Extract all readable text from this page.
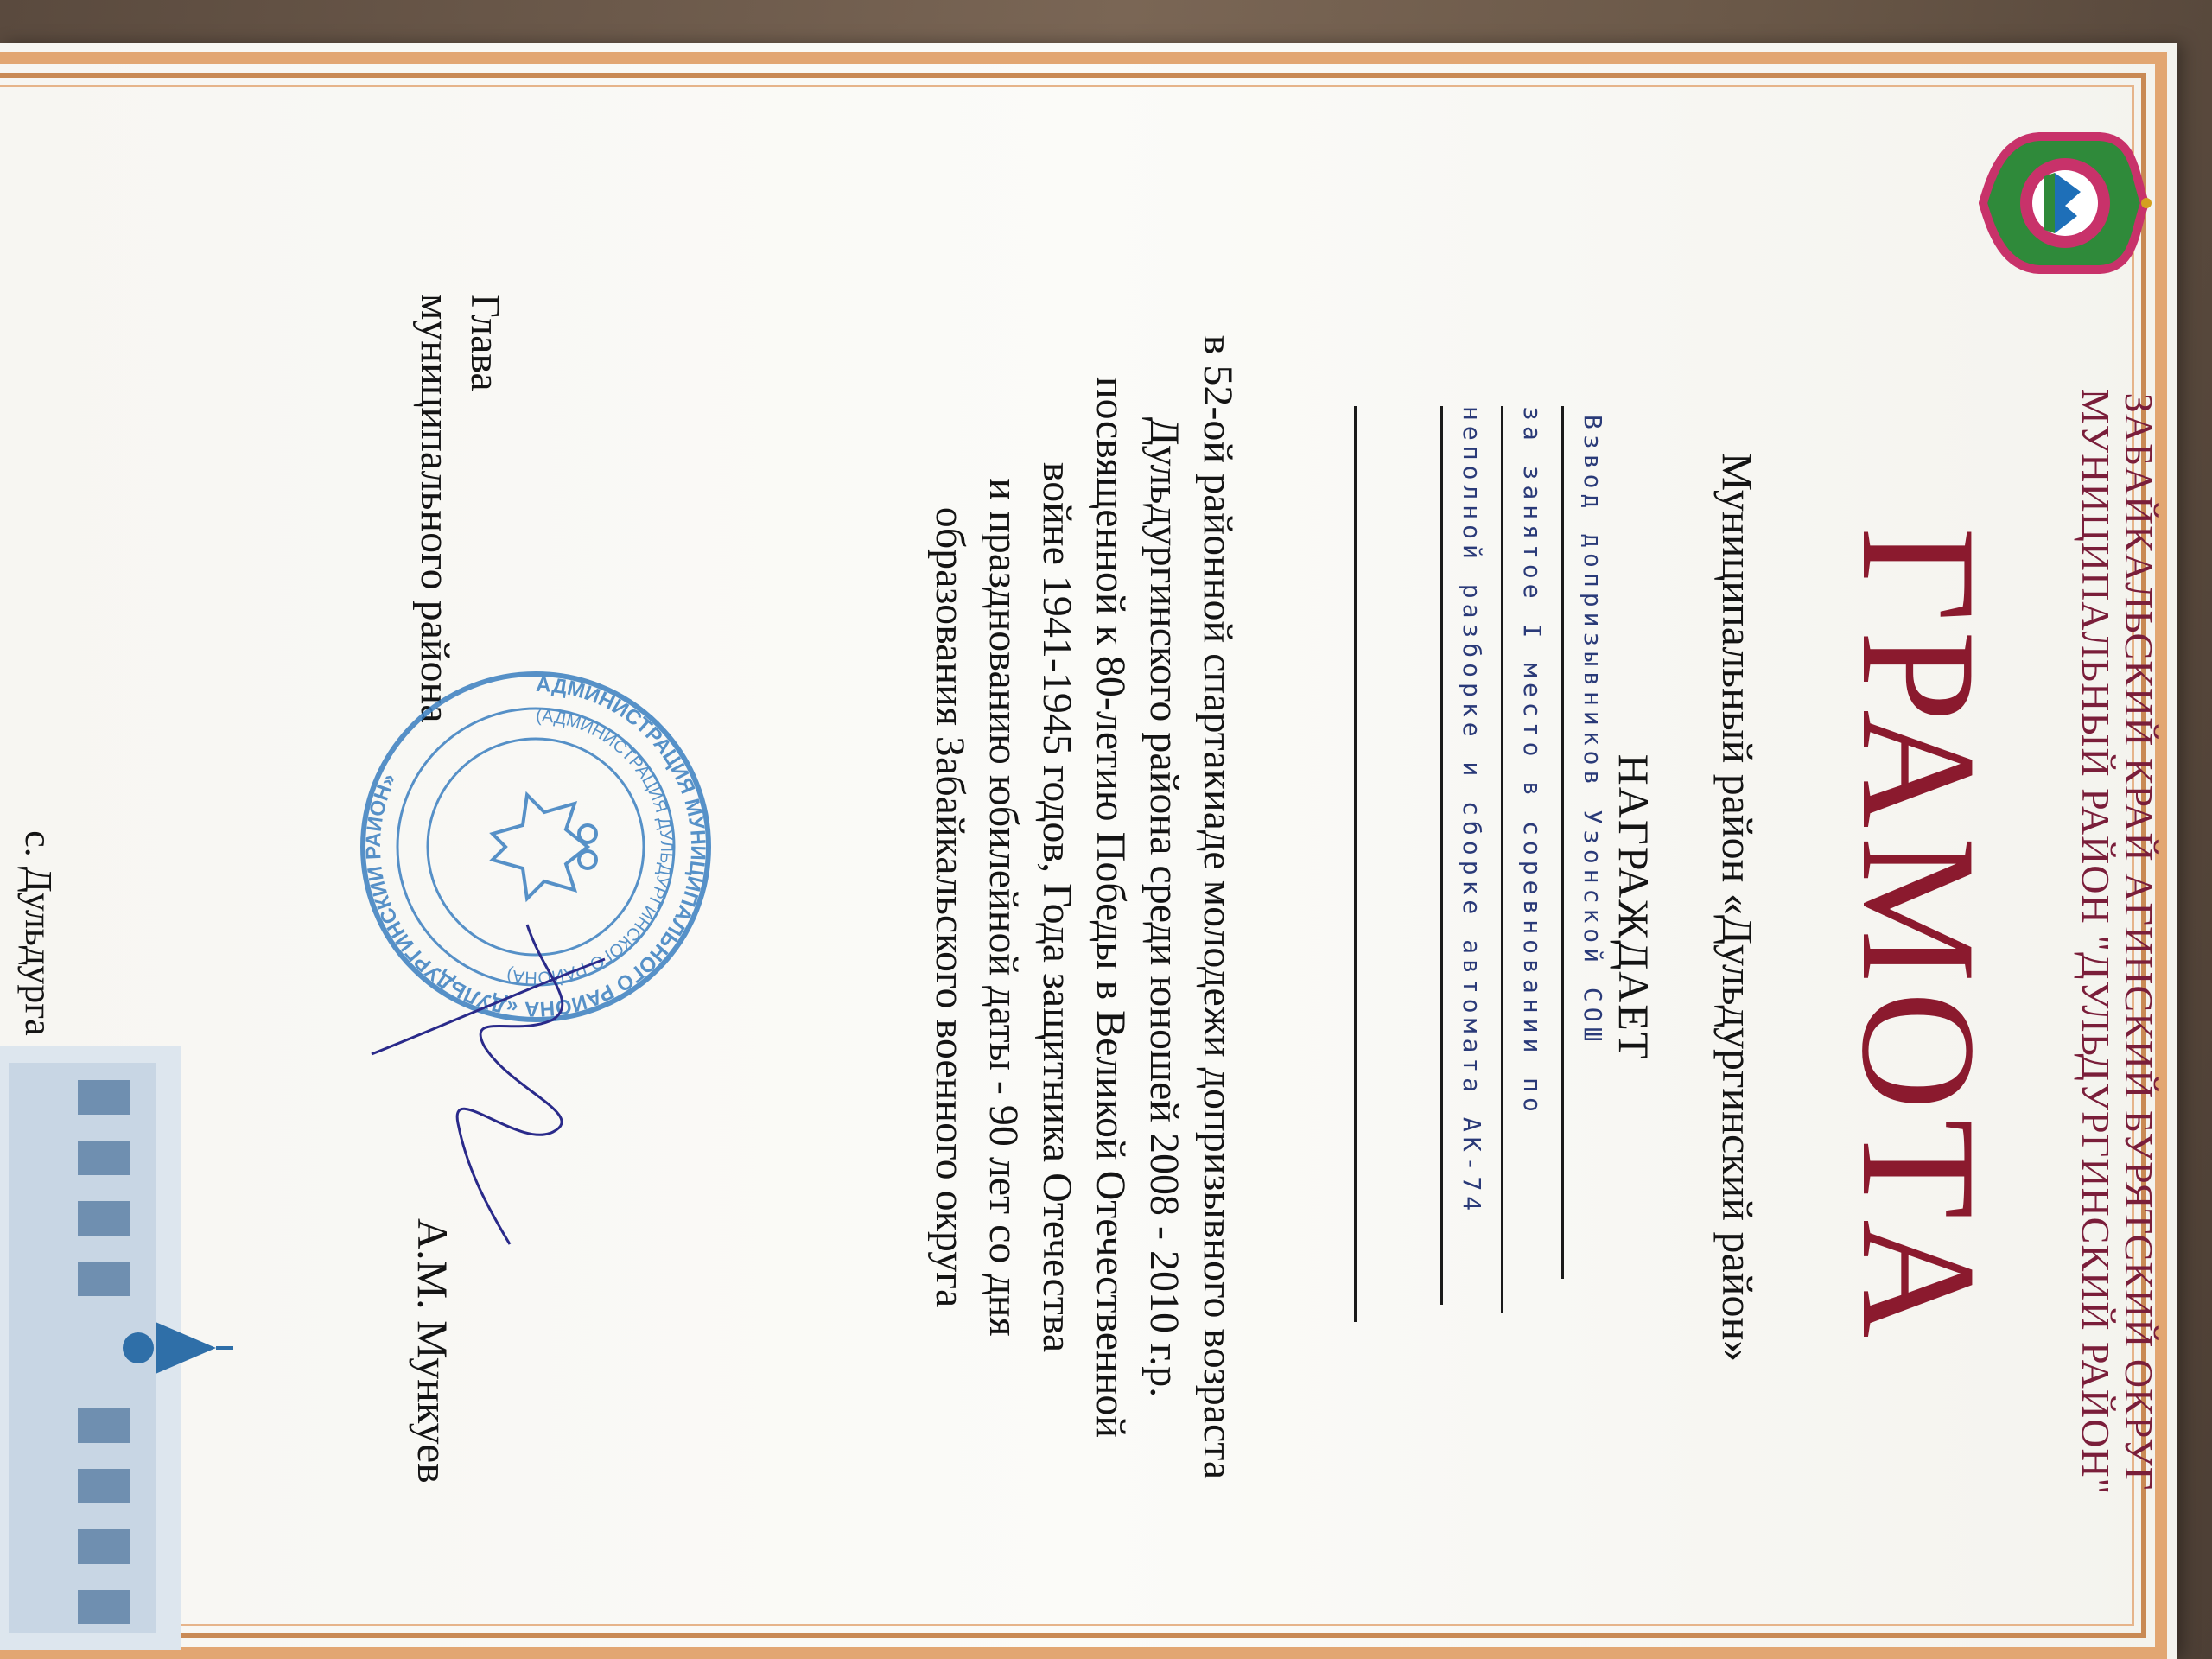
ЗАБАЙКАЛЬСКИЙ КРАЙ АГИНСКИЙ БУРЯТСКИЙ ОКРУГ
МУНИЦИПАЛЬНЫЙ РАЙОН "ДУЛЬДУРГИНСКИЙ РАЙОН"
ГРАМОТА
Муниципальный район «Дульдургинский район»
НАГРАЖДАЕТ
Взвод допризывников Узонской СОШ
за занятое I место в соревновании по
неполной разборке и сборке автомата АК-74
в 52-ой районной спартакиаде молодежи допризывного возраста
Дульдургинского района среди юношей 2008 - 2010 г.р.
посвященной к 80-летию Победы в Великой Отечественной
войне 1941-1945 годов, Года защитника Отечества
и празднованию юбилейной даты - 90 лет со дня
образования Забайкальского военного округа
Глава
муниципального района	АДМИНИСТРАЦИЯ МУНИЦИПАЛЬНОГО РАЙОНА «ДУЛЬДУРГИНСКИЙ РАЙОН»
(АДМИНИСТРАЦИЯ ДУЛЬДУРГИНСКОГО РАЙОНА)
А.М. Мункуев
с. Дульдурга
